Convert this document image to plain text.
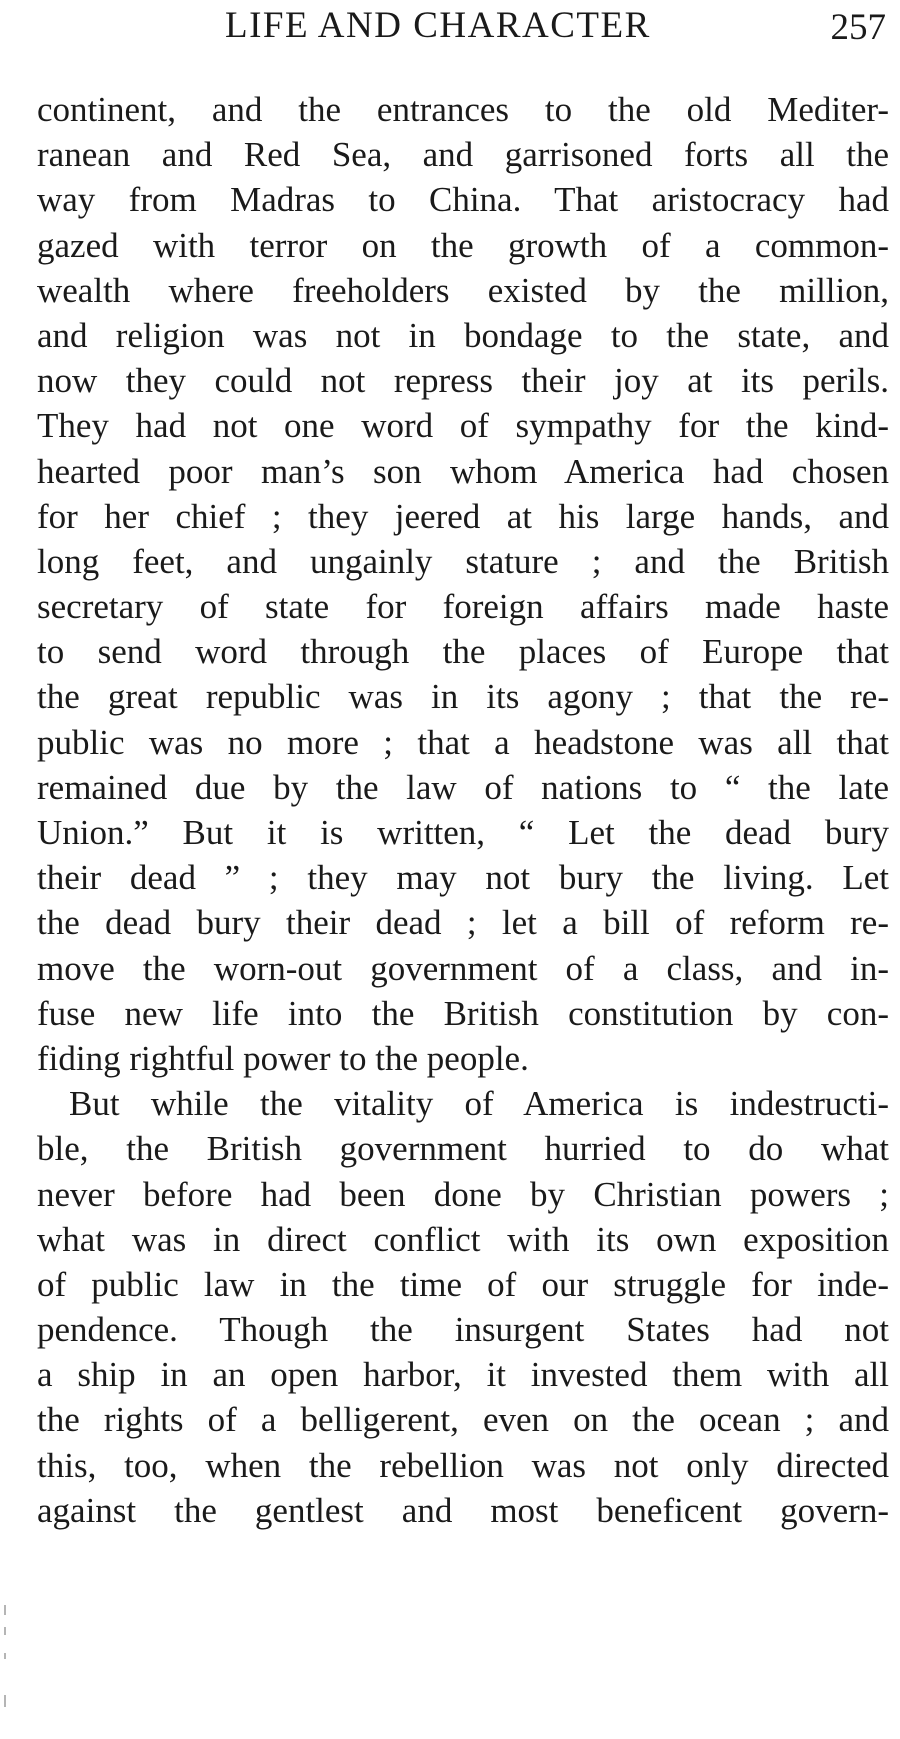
LIFE AND CHARACTER	257
continent, and the entrances to the old Mediter-
ranean and Red Sea, and garrisoned forts all the
way from Madras to China. That aristocracy had
gazed with terror on the growth of a common-
wealth where freeholders existed by the million,
and religion was not in bondage to the state, and
now they could not repress their joy at its perils.
They had not one word of sympathy for the kind-
hearted poor man’s son whom America had chosen
for her chief ; they jeered at his large hands, and
long feet, and ungainly stature ; and the British
secretary of state for foreign affairs made haste
to send word through the places of Europe that
the great republic was in its agony ; that the re-
public was no more ; that a headstone was all that
remained due by the law of nations to “ the late
Union.” But it is written, “ Let the dead bury
their dead ” ; they may not bury the living. Let
the dead bury their dead ; let a bill of reform re-
move the worn-out government of a class, and in-
fuse new life into the British constitution by con-
fiding rightful power to the people.
But while the vitality of America is indestructi-
ble, the British government hurried to do what
never before had been done by Christian powers ;
what was in direct conflict with its own exposition
of public law in the time of our struggle for inde-
pendence. Though the insurgent States had not
a ship in an open harbor, it invested them with all
the rights of a belligerent, even on the ocean ; and
this, too, when the rebellion was not only directed
against the gentlest and most beneficent govern-
